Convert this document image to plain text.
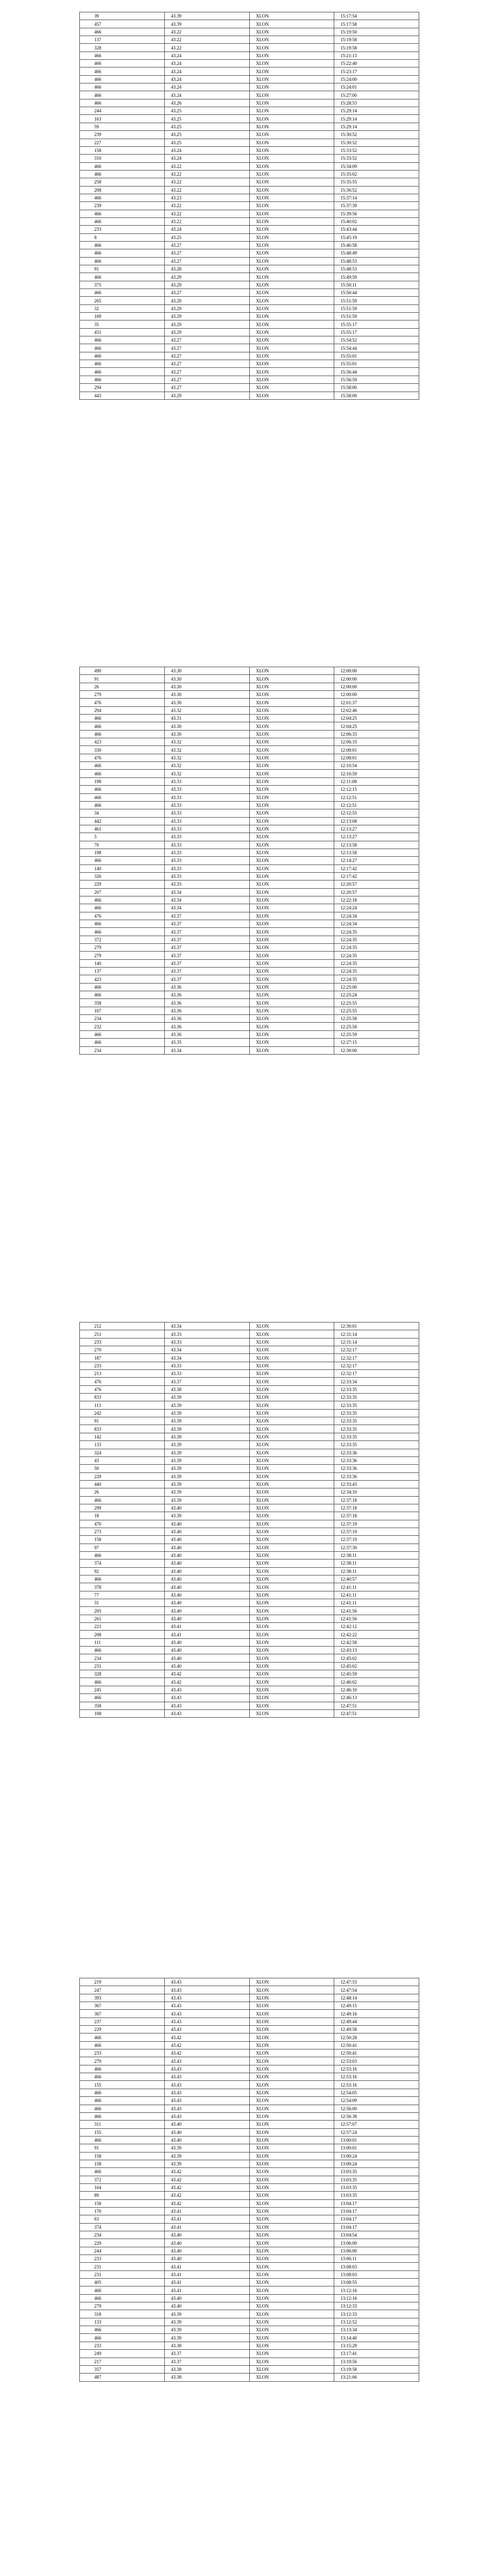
39	43.39	XLON	15:17:54
457	43.39	XLON	15:17:58
466	43.22	XLON	15:19:50
137	43.22	XLON	15:19:58
328	43.22	XLON	15:19:58
466	43.24	XLON	15:21:13
466	43.24	XLON	15:22:40
466	43.24	XLON	15:23:17
466	43.24	XLON	15:24:00
466	43.24	XLON	15:24:01
466	43.24	XLON	15:27:00
466	43.26	XLON	15:28:53
244	43.25	XLON	15:29:14
163	43.25	XLON	15:29:14
59	43.25	XLON	15:29:14
239	43.25	XLON	15:30:52
227	43.25	XLON	15:30:52
158	43.24	XLON	15:33:52
310	43.24	XLON	15:33:52
466	43.22	XLON	15:34:09
466	43.22	XLON	15:35:02
258	43.22	XLON	15:35:55
208	43.22	XLON	15:36:52
466	43.23	XLON	15:37:14
239	43.22	XLON	15:37:39
466	43.22	XLON	15:39:56
466	43.22	XLON	15:40:02
233	43.24	XLON	15:43:44
8	43.25	XLON	15:45:19
466	43.27	XLON	15:46:58
466	43.27	XLON	15:48:49
466	43.27	XLON	15:48:53
91	43.28	XLON	15:48:53
466	43.29	XLON	15:49:59
375	43.29	XLON	15:50:11
466	43.27	XLON	15:50:44
265	43.29	XLON	15:51:59
32	43.29	XLON	15:51:59
169	43.29	XLON	15:51:59
35	43.29	XLON	15:55:17
431	43.29	XLON	15:55:17
466	43.27	XLON	15:54:52
466	43.27	XLON	15:54:44
466	43.27	XLON	15:55:01
466	43.27	XLON	15:55:01
466	43.27	XLON	15:56:44
466	43.27	XLON	15:56:59
294	43.27	XLON	15:58:00
443	43.29	XLON	15:58:00
490	43.30	XLON	12:00:00
91	43.30	XLON	12:00:00
26	43.30	XLON	12:00:00
279	43.30	XLON	12:00:00
476	43.30	XLON	12:01:37
294	43.32	XLON	12:02:46
466	43.31	XLON	12:04:25
466	43.30	XLON	12:04:25
466	43.30	XLON	12:06:33
423	43.32	XLON	12:06:33
330	43.32	XLON	12:08:01
476	43.32	XLON	12:08:01
466	43.32	XLON	12:10:54
466	43.32	XLON	12:10:59
198	43.33	XLON	12:11:08
466	43.33	XLON	12:12:15
466	43.33	XLON	12:12:51
466	43.33	XLON	12:12:51
34	43.33	XLON	12:12:55
442	43.33	XLON	12:13:08
461	43.33	XLON	12:13:27
5	43.33	XLON	12:13:27
70	43.33	XLON	12:13:58
198	43.33	XLON	12:13:58
466	43.33	XLON	12:14:27
140	43.33	XLON	12:17:42
326	43.33	XLON	12:17:42
229	43.33	XLON	12:20:57
207	43.34	XLON	12:20:57
466	43.34	XLON	12:22:18
466	43.34	XLON	12:24:24
476	43.37	XLON	12:24:34
466	43.37	XLON	12:24:34
466	43.37	XLON	12:24:35
372	43.37	XLON	12:24:35
279	43.37	XLON	12:24:35
279	43.37	XLON	12:24:35
140	43.37	XLON	12:24:35
137	43.37	XLON	12:24:35
423	43.37	XLON	12:24:35
466	43.36	XLON	12:25:00
466	43.36	XLON	12:25:24
358	43.36	XLON	12:25:55
107	43.36	XLON	12:25:55
234	43.36	XLON	12:25:58
232	43.36	XLON	12:25:58
466	43.36	XLON	12:25:59
466	43.35	XLON	12:27:15
234	43.34	XLON	12:30:00
212	43.34	XLON	12:30:01
251	43.33	XLON	12:31:14
233	43.33	XLON	12:31:14
270	43.34	XLON	12:32:17
187	43.34	XLON	12:32:17
233	43.33	XLON	12:32:17
213	43.33	XLON	12:32:17
476	43.37	XLON	12:33:34
476	43.38	XLON	12:33:35
833	43.39	XLON	12:33:35
113	43.39	XLON	12:33:35
242	43.39	XLON	12:33:35
91	43.39	XLON	12:33:35
833	43.39	XLON	12:33:35
142	43.39	XLON	12:33:35
133	43.39	XLON	12:33:35
324	43.39	XLON	12:33:36
43	43.39	XLON	12:33:36
50	43.39	XLON	12:33:36
229	43.39	XLON	12:33:36
440	43.39	XLON	12:33:43
26	43.39	XLON	12:34:10
466	43.39	XLON	12:37:18
299	43.40	XLON	12:37:18
18	43.39	XLON	12:37:18
470	43.40	XLON	12:37:19
273	43.40	XLON	12:37:19
158	43.40	XLON	12:37:19
97	43.40	XLON	12:37:30
466	43.40	XLON	12:38:11
374	43.40	XLON	12:38:11
92	43.40	XLON	12:38:11
466	43.40	XLON	12:40:57
378	43.40	XLON	12:41:11
77	43.40	XLON	12:41:11
31	43.40	XLON	12:41:11
205	43.40	XLON	12:41:56
261	43.40	XLON	12:41:56
221	43.41	XLON	12:42:12
208	43.41	XLON	12:42:22
111	43.40	XLON	12:42:58
466	43.40	XLON	12:43:13
234	43.40	XLON	12:45:02
231	43.40	XLON	12:45:02
328	43.42	XLON	12:45:59
466	43.42	XLON	12:46:02
245	43.43	XLON	12:46:10
466	43.43	XLON	12:46:13
358	43.43	XLON	12:47:51
108	43.43	XLON	12:47:51
219	43.43	XLON	12:47:53
247	43.43	XLON	12:47:54
393	43.43	XLON	12:48:14
367	43.43	XLON	12:49:15
367	43.43	XLON	12:49:16
237	43.43	XLON	12:49:44
229	43.43	XLON	12:49:58
466	43.42	XLON	12:50:28
466	43.42	XLON	12:50:41
233	43.42	XLON	12:50:41
279	43.43	XLON	12:53:03
466	43.43	XLON	12:53:16
466	43.43	XLON	12:53:16
155	43.43	XLON	12:53:16
466	43.43	XLON	12:54:05
466	43.43	XLON	12:54:09
466	43.43	XLON	12:56:00
466	43.43	XLON	12:56:38
311	43.40	XLON	12:57:07
155	43.40	XLON	12:57:24
466	43.40	XLON	13:00:01
91	43.39	XLON	13:00:01
158	43.39	XLON	13:00:24
158	43.39	XLON	13:00:24
466	43.42	XLON	13:03:35
372	43.42	XLON	13:03:35
164	43.42	XLON	13:03:35
89	43.42	XLON	13:03:35
158	43.42	XLON	13:04:17
170	43.41	XLON	13:04:17
63	43.41	XLON	13:04:17
374	43.41	XLON	13:04:17
234	43.40	XLON	13:04:54
229	43.40	XLON	13:06:00
244	43.40	XLON	13:06:00
233	43.40	XLON	13:06:11
231	43.41	XLON	13:08:03
231	43.41	XLON	13:08:03
405	43.41	XLON	13:08:55
466	43.41	XLON	13:12:16
466	43.40	XLON	13:12:16
279	43.40	XLON	13:12:33
318	43.39	XLON	13:12:33
133	43.39	XLON	13:12:52
466	43.39	XLON	13:13:34
466	43.39	XLON	13:14:40
233	43.38	XLON	13:15:29
249	43.37	XLON	13:17:41
217	43.37	XLON	13:19:56
357	43.38	XLON	13:19:58
487	43.38	XLON	13:21:06
